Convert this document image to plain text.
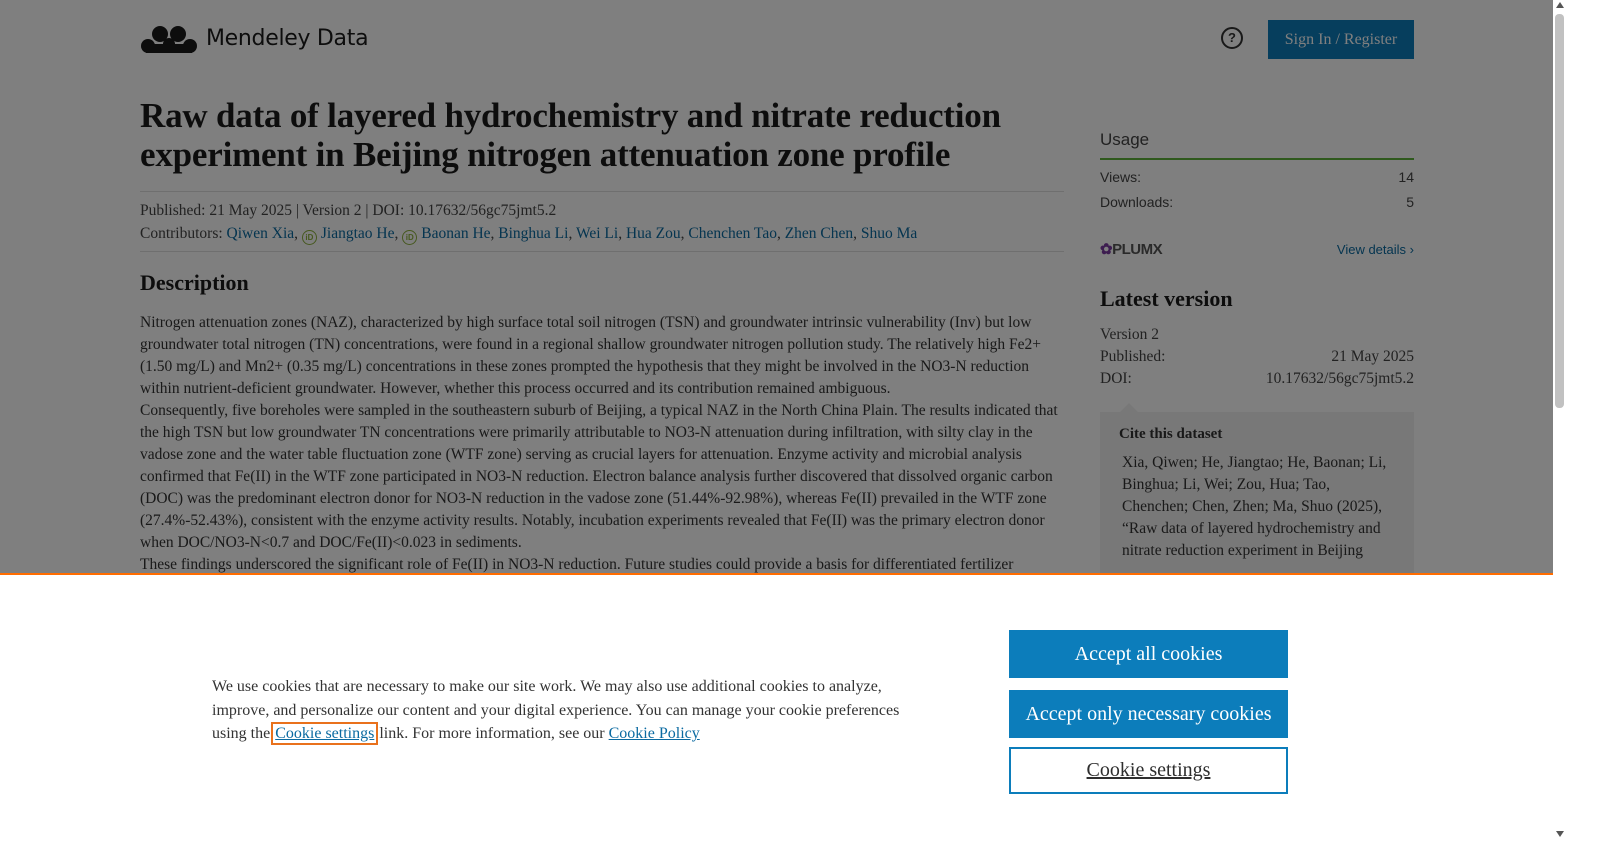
We use cookies that are necessary to make our site work. We may also use additional cookies to analyze, improve, and personalize our content and your digital experience. You can manage your cookie preferences using the Cookie settings link. For more information, see our Cookie Policy
Accept all cookies
Accept only necessary cookies
Cookie settings
